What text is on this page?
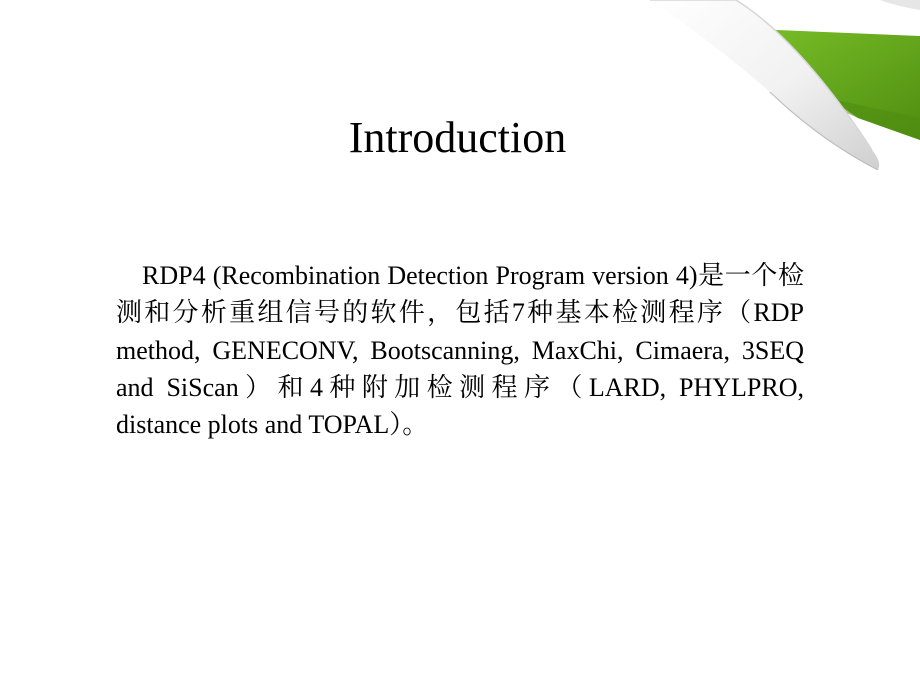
Introduction

RDP4 (Recombination Detection Program version 4)是一个检测和分析重组信号的软件，包括7种基本检测程序（RDP method, GENECONV, Bootscanning, MaxChi, Cimaera, 3SEQ and SiScan）和4种附加检测程序（LARD, PHYLPRO, distance plots and TOPAL）。
